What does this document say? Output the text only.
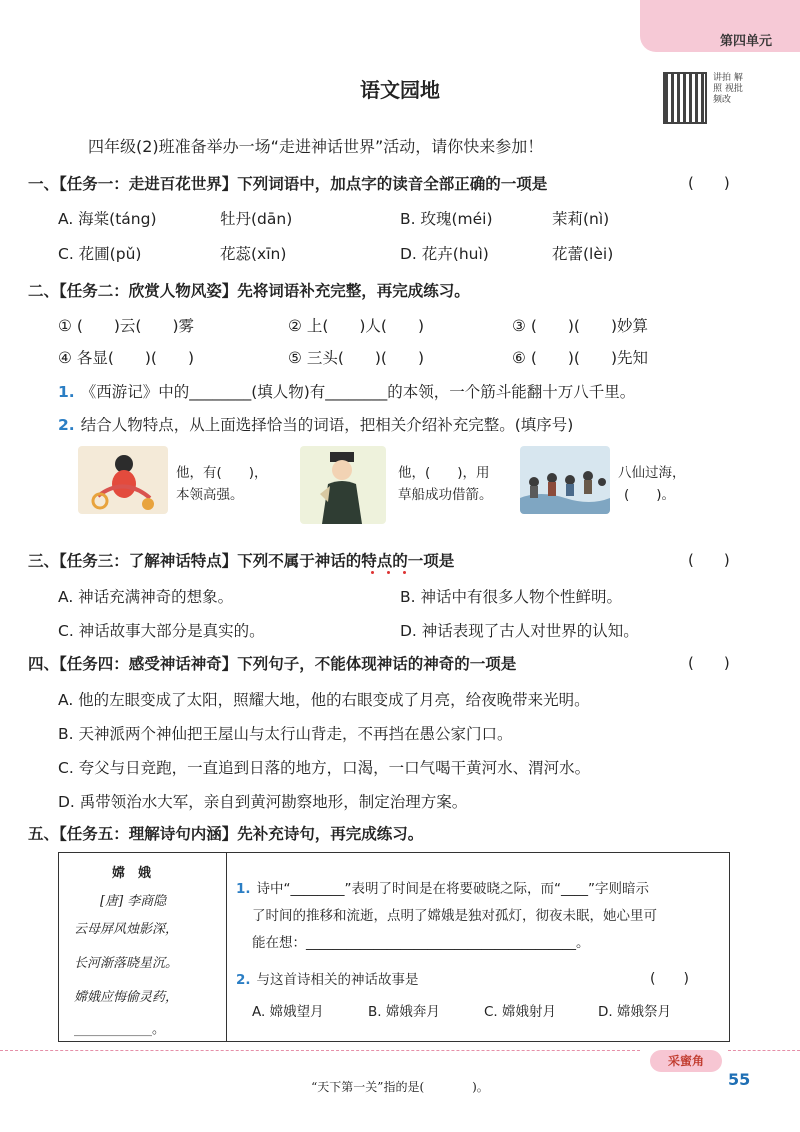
第四单元
语文园地	讲拍 解照 视批 频改
四年级(2)班准备举办一场“走进神话世界”活动，请你快来参加！
一、【任务一：走进百花世界】下列词语中，加点字的读音全部正确的一项是	(　　)
A. 海棠(táng)	牡丹(dān)	B. 玫瑰(méi)	茉莉(nì)
C. 花圃(pǔ)	花蕊(xīn)	D. 花卉(huì)	花蕾(lèi)
二、【任务二：欣赏人物风姿】先将词语补充完整，再完成练习。
① (　　)云(　　)雾	② 上(　　)人(　　)	③ (　　)(　　)妙算
④ 各显(　　)(　　)	⑤ 三头(　　)(　　)	⑥ (　　)(　　)先知
1. 《西游记》中的________(填人物)有________的本领，一个筋斗能翻十万八千里。
2. 结合人物特点，从上面选择恰当的词语，把相关介绍补充完整。(填序号)
他，有(　　)，
本领高强。
他，(　　)，用
草船成功借箭。
八仙过海，
(　　)。
三、【任务三：了解神话特点】下列不属于神话的特点的一项是	(　　)
A. 神话充满神奇的想象。	B. 神话中有很多人物个性鲜明。
C. 神话故事大部分是真实的。	D. 神话表现了古人对世界的认知。
四、【任务四：感受神话神奇】下列句子，不能体现神话的神奇的一项是	(　　)
A. 他的左眼变成了太阳，照耀大地，他的右眼变成了月亮，给夜晚带来光明。
B. 天神派两个神仙把王屋山与太行山背走，不再挡在愚公家门口。
C. 夸父与日竞跑，一直追到日落的地方，口渴，一口气喝干黄河水、渭河水。
D. 禹带领治水大军，亲自到黄河勘察地形，制定治理方案。
五、【任务五：理解诗句内涵】先补充诗句，再完成练习。
嫦　娥
[唐] 李商隐
云母屏风烛影深，
长河渐落晓星沉。
嫦娥应悔偷灵药，
____________。
1. 诗中“________”表明了时间是在将要破晓之际，而“____”字则暗示
了时间的推移和流逝，点明了嫦娥是独对孤灯，彻夜未眠，她心里可
能在想：________________________________________。
2. 与这首诗相关的神话故事是	(　　)
A. 嫦娥望月	B. 嫦娥奔月	C. 嫦娥射月	D. 嫦娥祭月
采蜜角
55
“天下第一关”指的是(　　　　)。
